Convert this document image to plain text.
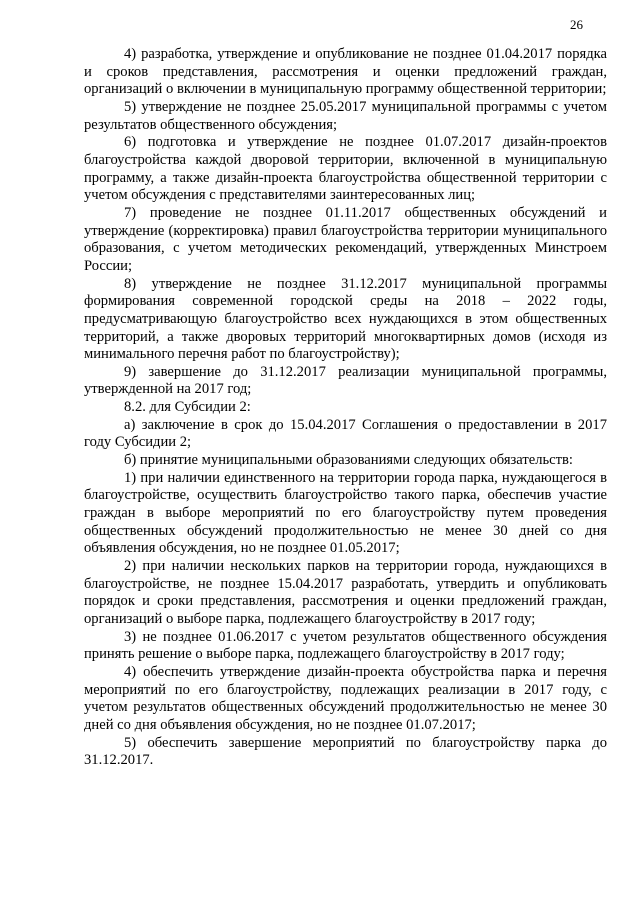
26

4) разработка, утверждение и опубликование не позднее 01.04.2017 порядка и сроков представления, рассмотрения и оценки предложений граждан, организаций о включении в муниципальную программу общественной территории;

5) утверждение не позднее 25.05.2017 муниципальной программы с учетом результатов общественного обсуждения;

6) подготовка и утверждение не позднее 01.07.2017 дизайн-проектов благоустройства каждой дворовой территории, включенной в муниципальную программу, а также дизайн-проекта благоустройства общественной территории с учетом обсуждения с представителями заинтересованных лиц;

7) проведение не позднее 01.11.2017 общественных обсуждений и утверждение (корректировка) правил благоустройства территории муниципального образования, с учетом методических рекомендаций, утвержденных Минстроем России;

8) утверждение не позднее 31.12.2017 муниципальной программы формирования современной городской среды на 2018 – 2022 годы, предусматривающую благоустройство всех нуждающихся в этом общественных территорий, а также дворовых территорий многоквартирных домов (исходя из минимального перечня работ по благоустройству);

9) завершение до 31.12.2017 реализации муниципальной программы, утвержденной на 2017 год;

8.2. для Субсидии 2:

а) заключение в срок до 15.04.2017 Соглашения о предоставлении в 2017 году Субсидии 2;

б) принятие муниципальными образованиями следующих обязательств:

1) при наличии единственного на территории города парка, нуждающегося в благоустройстве, осуществить благоустройство такого парка, обеспечив участие граждан в выборе мероприятий по его благоустройству путем проведения общественных обсуждений продолжительностью не менее 30 дней со дня объявления обсуждения, но не позднее 01.05.2017;

2) при наличии нескольких парков на территории города, нуждающихся в благоустройстве, не позднее 15.04.2017 разработать, утвердить и опубликовать порядок и сроки представления, рассмотрения и оценки предложений граждан, организаций о выборе парка, подлежащего благоустройству в 2017 году;

3) не позднее 01.06.2017 с учетом результатов общественного обсуждения принять решение о выборе парка, подлежащего благоустройству в 2017 году;

4) обеспечить утверждение дизайн-проекта обустройства парка и перечня мероприятий по его благоустройству, подлежащих реализации в 2017 году, с учетом результатов общественных обсуждений продолжительностью не менее 30 дней со дня объявления обсуждения, но не позднее 01.07.2017;

5) обеспечить завершение мероприятий по благоустройству парка до 31.12.2017.
